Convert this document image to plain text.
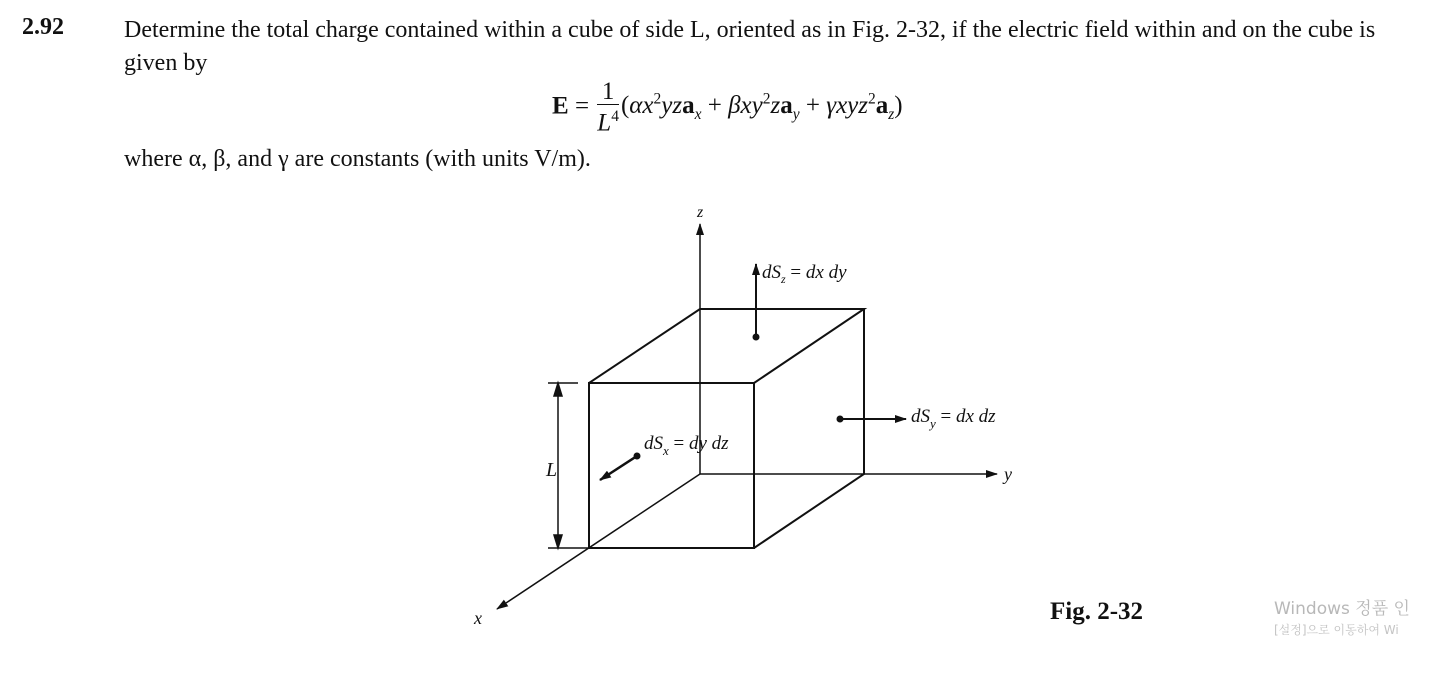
2.92	Determine the total charge contained within a cube of side L, oriented as in Fig. 2-32, if the electric field within and on the cube is given by
$E = \frac{1}{L^4} (\alpha x^2yza_x + \beta xy^2za_y + \gamma xyz^2a_z)$
where α, β, and γ are constants (with units V/m).
z
y
x
L
$dS_z$ = dx dy
$dS_y$ = dx dz
$dS_x$ = dy dz
Fig. 2-32	Windows 정품 인
[설정]으로 이동하여 Wi
